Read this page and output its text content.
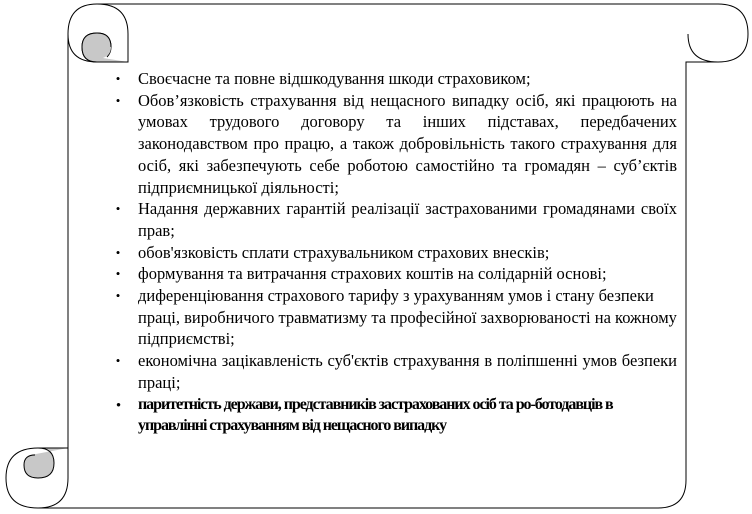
• Своєчасне та повне відшкодування шкоди страховиком;
• Обов’язковість страхування від нещасного випадку осіб, які працюють на умовах трудового договору та інших підставах, передбачених законодавством про працю, а також добровільність такого страхування для осіб, які забезпечують себе роботою самостійно та громадян – суб’єктів підприємницької діяльності;
• Надання державних гарантій реалізації застрахованими громадянами своїх прав;
• обов'язковість сплати страхувальником страхових внесків;
• формування та витрачання страхових коштів на солідарній основі;
• диференціювання страхового тарифу з урахуванням умов і стану безпеки праці, виробничого травматизму та професійної захворюваності на кожному підприємстві;
• економічна зацікавленість суб'єктів страхування в поліпшенні умов безпеки праці;
• паритетність держави, представників застрахованих осіб та ро-ботодавців в управлінні страхуванням від нещасного випадку
